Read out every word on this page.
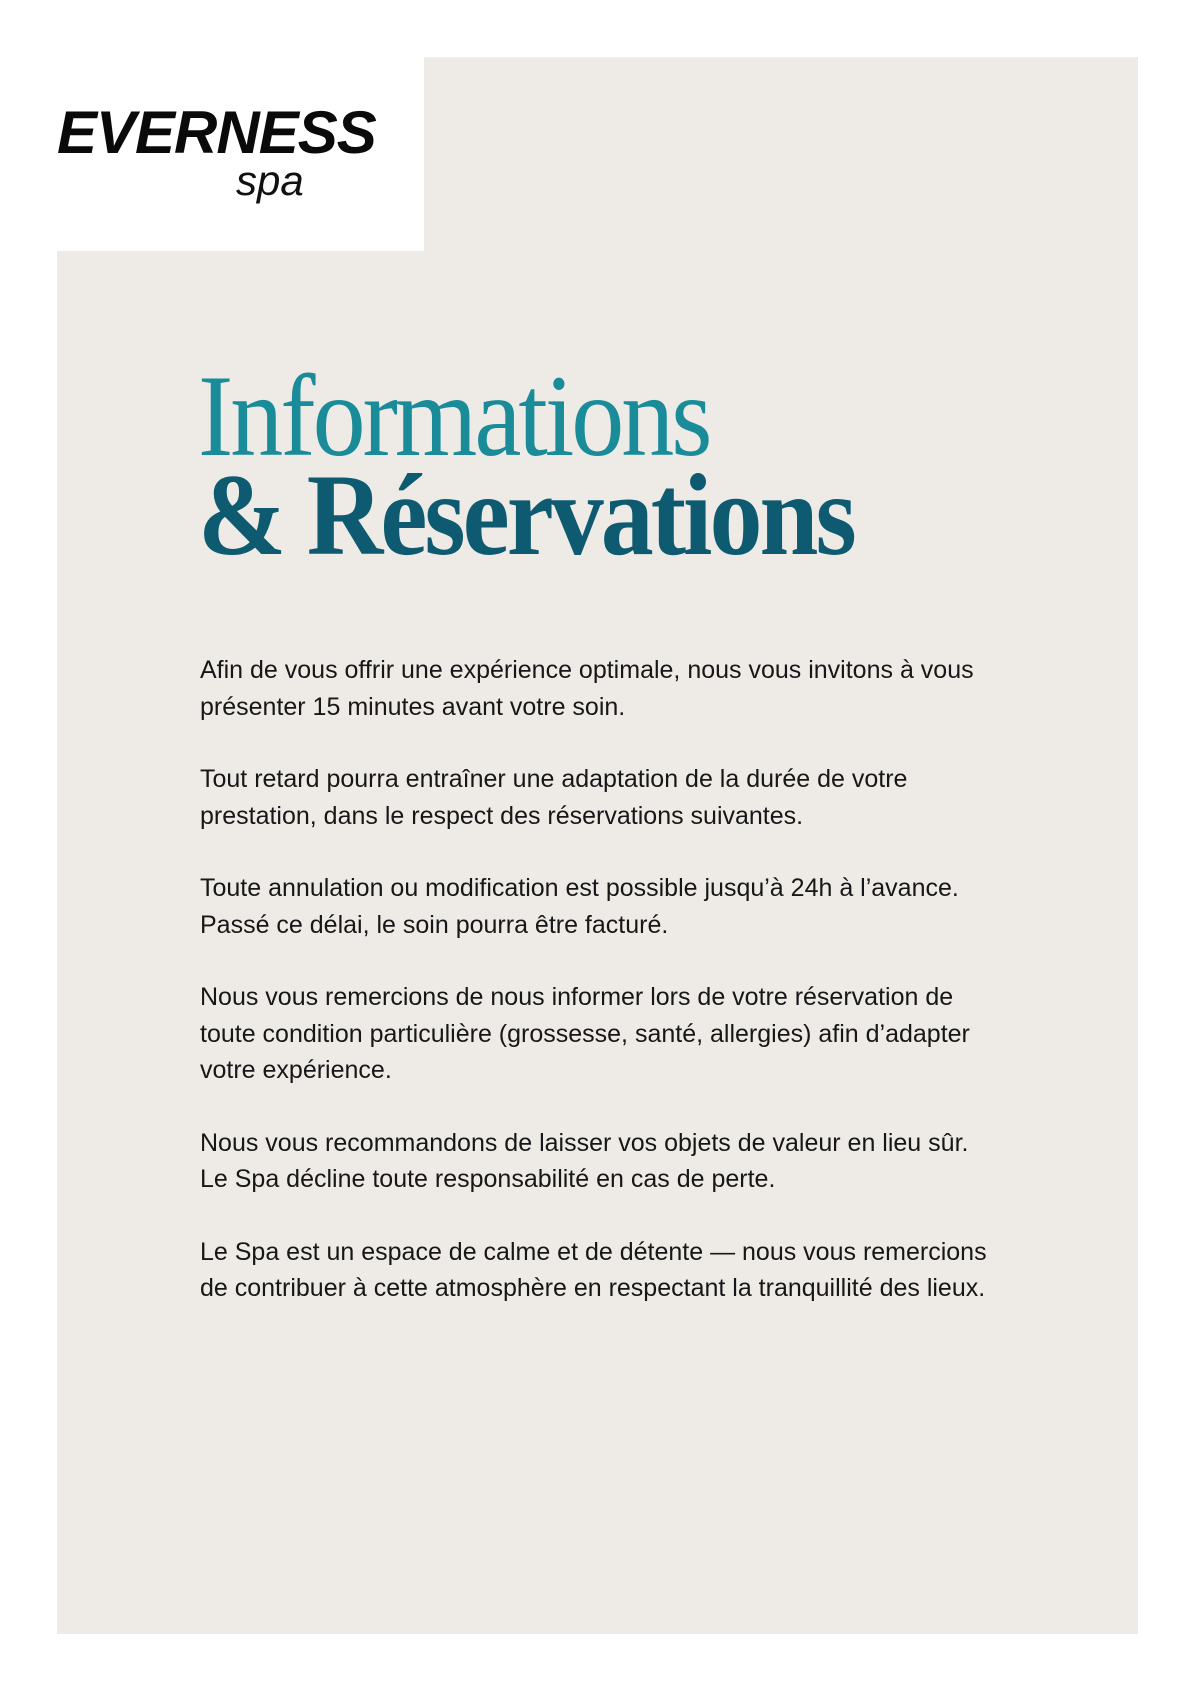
EVERNESS
spa
Informations
& Réservations

Afin de vous offrir une expérience optimale, nous vous invitons à vous présenter 15 minutes avant votre soin.

Tout retard pourra entraîner une adaptation de la durée de votre prestation, dans le respect des réservations suivantes.

Toute annulation ou modification est possible jusqu’à 24h à l’avance. Passé ce délai, le soin pourra être facturé.

Nous vous remercions de nous informer lors de votre réservation de toute condition particulière (grossesse, santé, allergies) afin d’adapter votre expérience.

Nous vous recommandons de laisser vos objets de valeur en lieu sûr. Le Spa décline toute responsabilité en cas de perte.

Le Spa est un espace de calme et de détente — nous vous remercions de contribuer à cette atmosphère en respectant la tranquillité des lieux.
